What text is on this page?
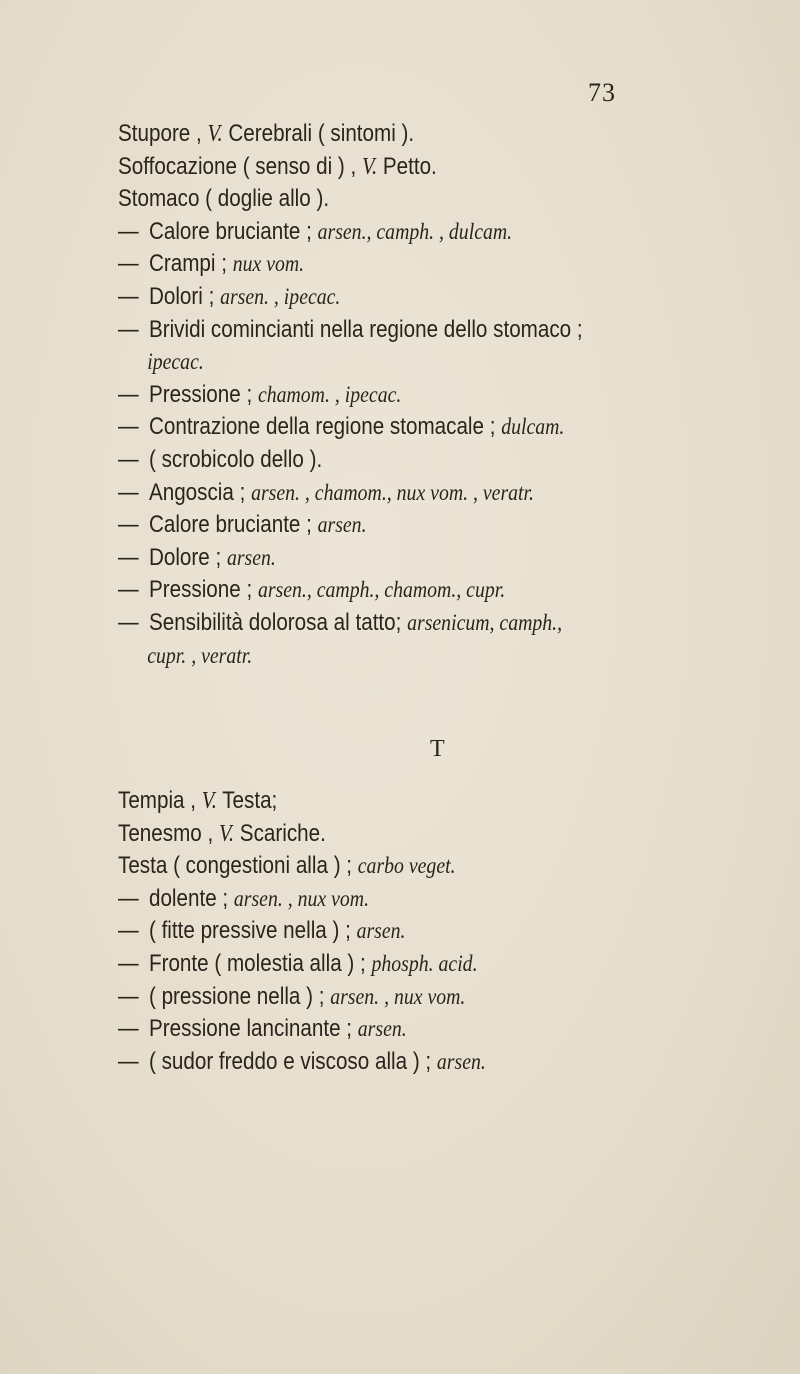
73
Stupore , V. Cerebrali ( sintomi ).
Soffocazione ( senso di ) , V. Petto.
Stomaco ( doglie allo ).
— Calore bruciante ; arsen., camph. , dulcam.
— Crampi ; nux vom.
— Dolori ; arsen. , ipecac.
— Brividi comincianti nella regione dello stomaco ;
ipecac.
— Pressione ; chamom. , ipecac.
— Contrazione della regione stomacale ; dulcam.
— ( scrobicolo dello ).
— Angoscia ; arsen. , chamom., nux vom. , veratr.
— Calore bruciante ; arsen.
— Dolore ; arsen.
— Pressione ; arsen., camph., chamom., cupr.
— Sensibilità dolorosa al tatto; arsenicum, camph.,
cupr. , veratr.
T
Tempia , V. Testa;
Tenesmo , V. Scariche.
Testa ( congestioni alla ) ; carbo veget.
— dolente ; arsen. , nux vom.
— ( fitte pressive nella ) ; arsen.
— Fronte ( molestia alla ) ; phosph. acid.
— ( pressione nella ) ; arsen. , nux vom.
— Pressione lancinante ; arsen.
— ( sudor freddo e viscoso alla ) ; arsen.
